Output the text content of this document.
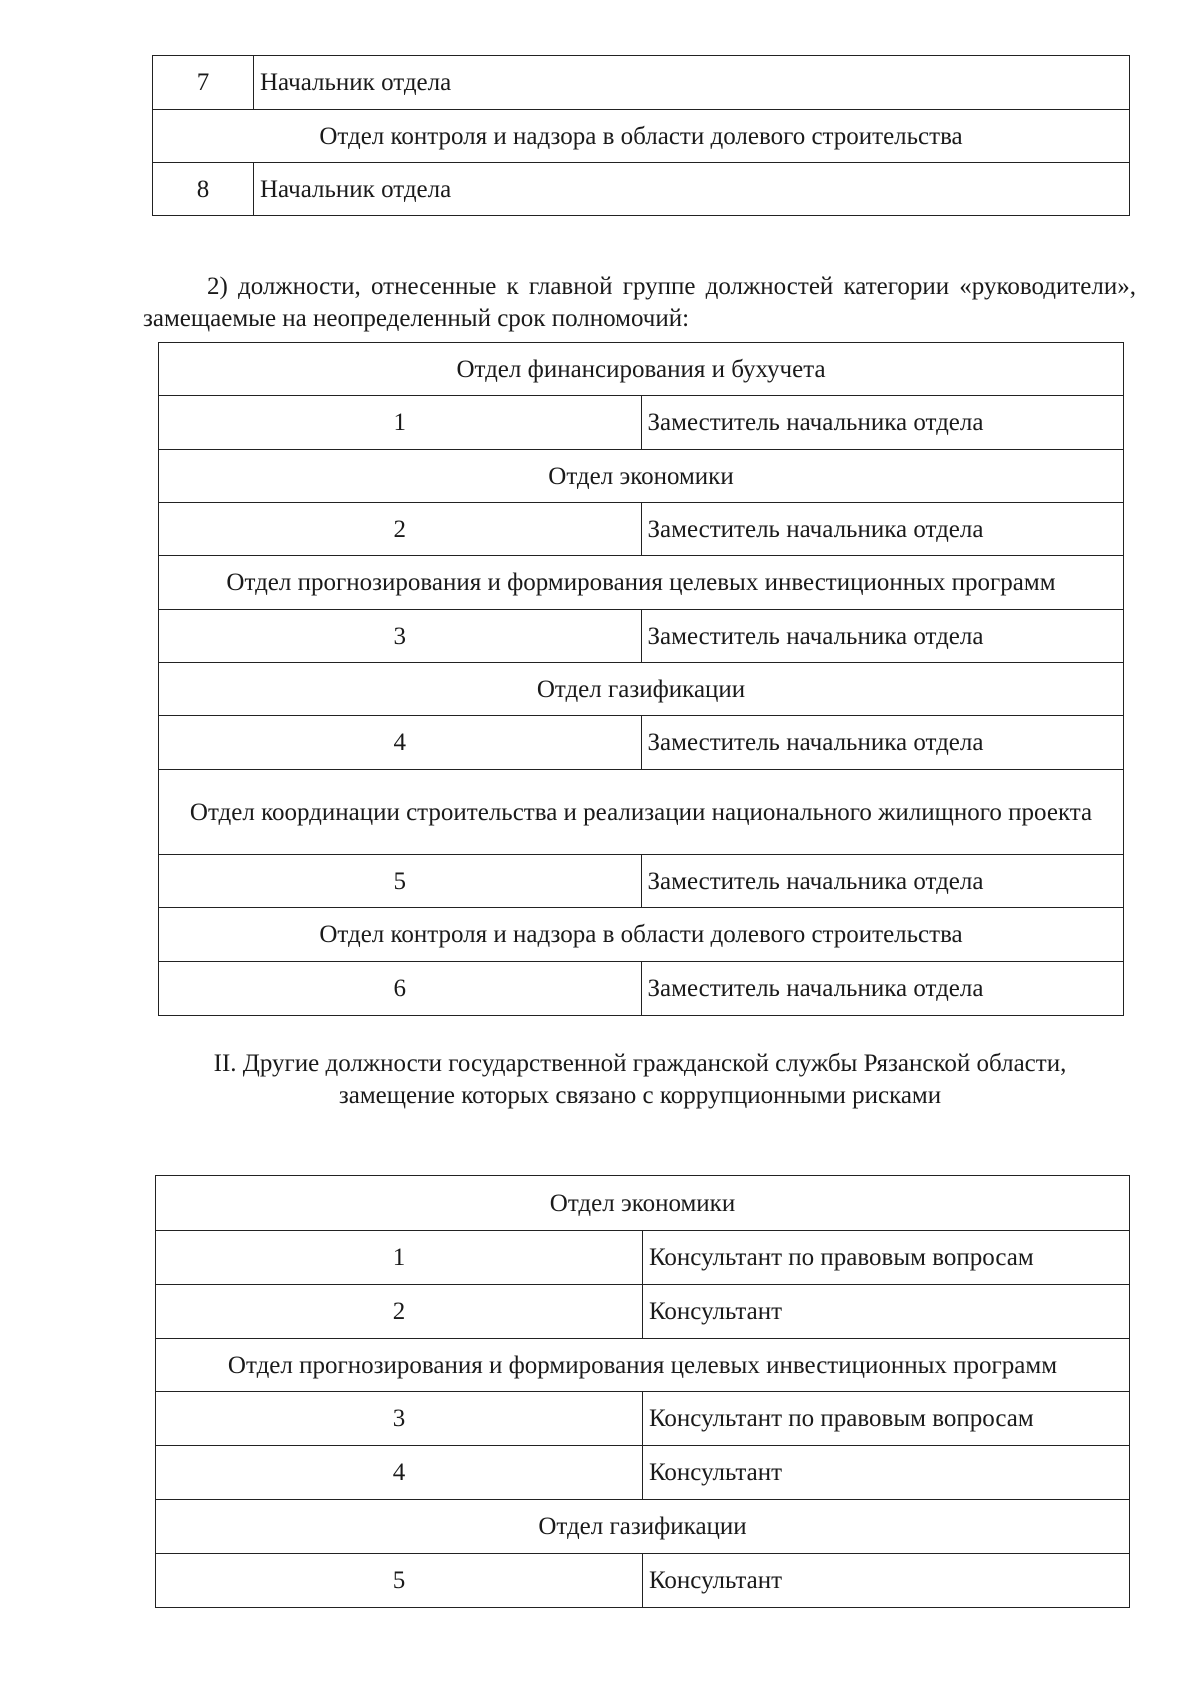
7	Начальник отдела
Отдел контроля и надзора в области долевого строительства	
8	Начальник отдела

2) должности, отнесенные к главной группе должностей категории «руководители», замещаемые на неопределенный срок полномочий:

Отдел финансирования и бухучета	
1	Заместитель начальника отдела
Отдел экономики	
2	Заместитель начальника отдела
Отдел прогнозирования и формирования целевых инвестиционных программ	
3	Заместитель начальника отдела
Отдел газификации	
4	Заместитель начальника отдела
Отдел координации строительства и реализации национального жилищного проекта	
5	Заместитель начальника отдела
Отдел контроля и надзора в области долевого строительства	
6	Заместитель начальника отдела
II. Другие должности государственной гражданской службы Рязанской области,
замещение которых связано с коррупционными рисками
Отдел экономики	
1	Консультант по правовым вопросам
2	Консультант
Отдел прогнозирования и формирования целевых инвестиционных программ	
3	Консультант по правовым вопросам
4	Консультант
Отдел газификации	
5	Консультант
